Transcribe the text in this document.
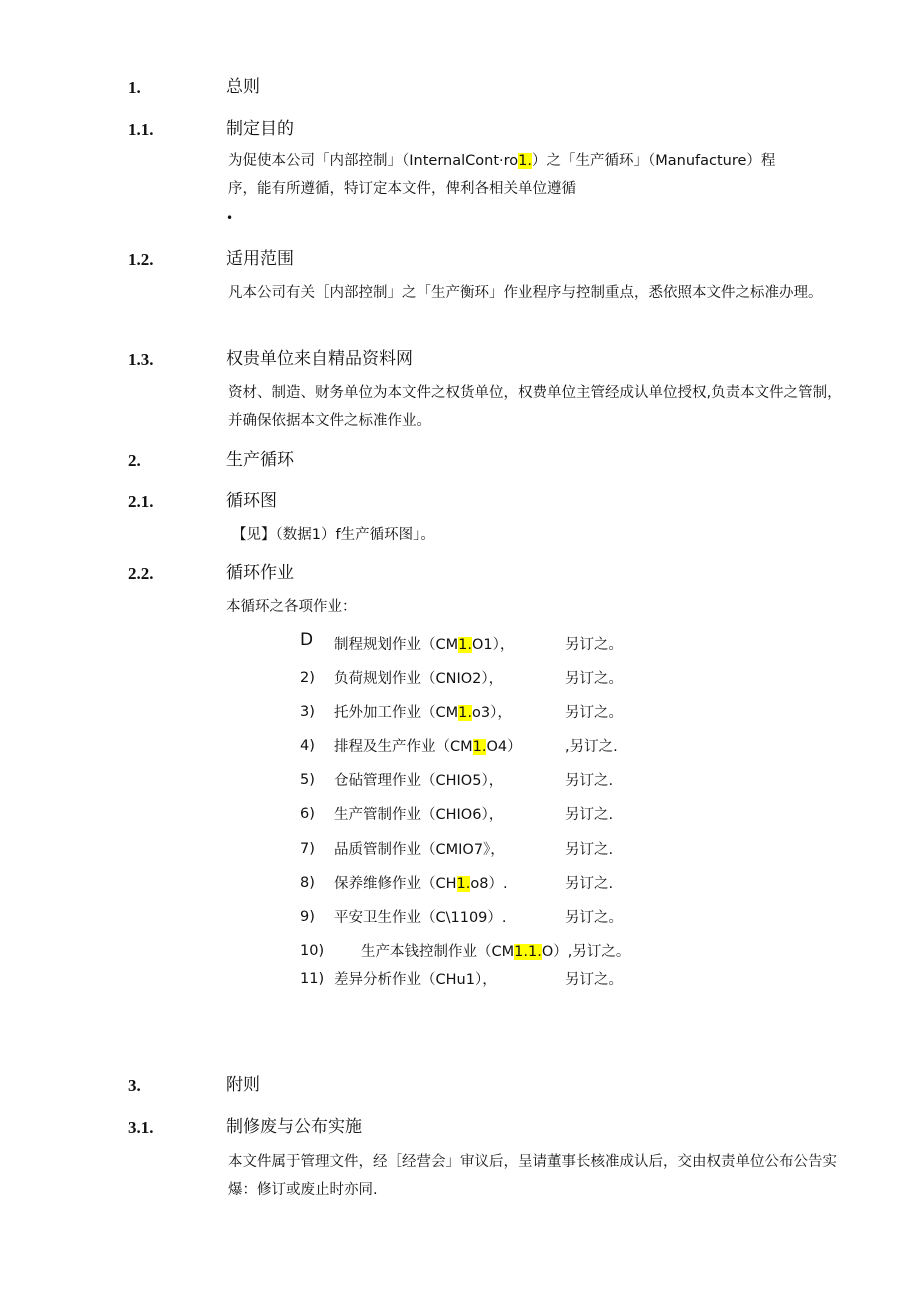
1.	总则
1.1.	制定目的
为促使本公司「内部控制」（InternalCont·ro1.）之「生产循环」（Manufacture）程
序，能有所遵循，特订定本文件，俾利各相关单位遵循
•
1.2.	适用范围
凡本公司有关［内部控制」之「生产衡环」作业程序与控制重点，悉依照本文件之标准办理。
1.3.	权贵单位来自精品资料网
资材、制造、财务单位为本文件之权货单位，权费单位主管经成认单位授权,负责本文件之管制，并确保依据本文件之标准作业。
2.	生产循环
2.1.	循环图
【见】（数据1）f生产循环图」。
2.2.	循环作业
本循环之各项作业：
D 制程规划作业（CM1.O1），	另订之。
2) 负荷规划作业（CNIO2），	另订之。
3) 托外加工作业（CM1.o3），	另订之。
4) 排程及生产作业（CM1.O4）	,另订之.
5) 仓砧管理作业（CHIO5），	另订之.
6) 生产管制作业（CHIO6），	另订之.
7) 品质管制作业（CMIO7》，	另订之.
8) 保养维修作业（CH1.o8）.	另订之.
9) 平安卫生作业（C\1109）.	另订之。
10)	生产本钱控制作业（CM1.1.O）,另订之。
11) 差异分析作业（CHu1），	另订之。
3.	附则
3.1.	制修废与公布实施
本文件属于管理文件，经［经营会」审议后，呈请董事长核准成认后，交由权责单位公布公告实爆：修订或废止时亦同.
